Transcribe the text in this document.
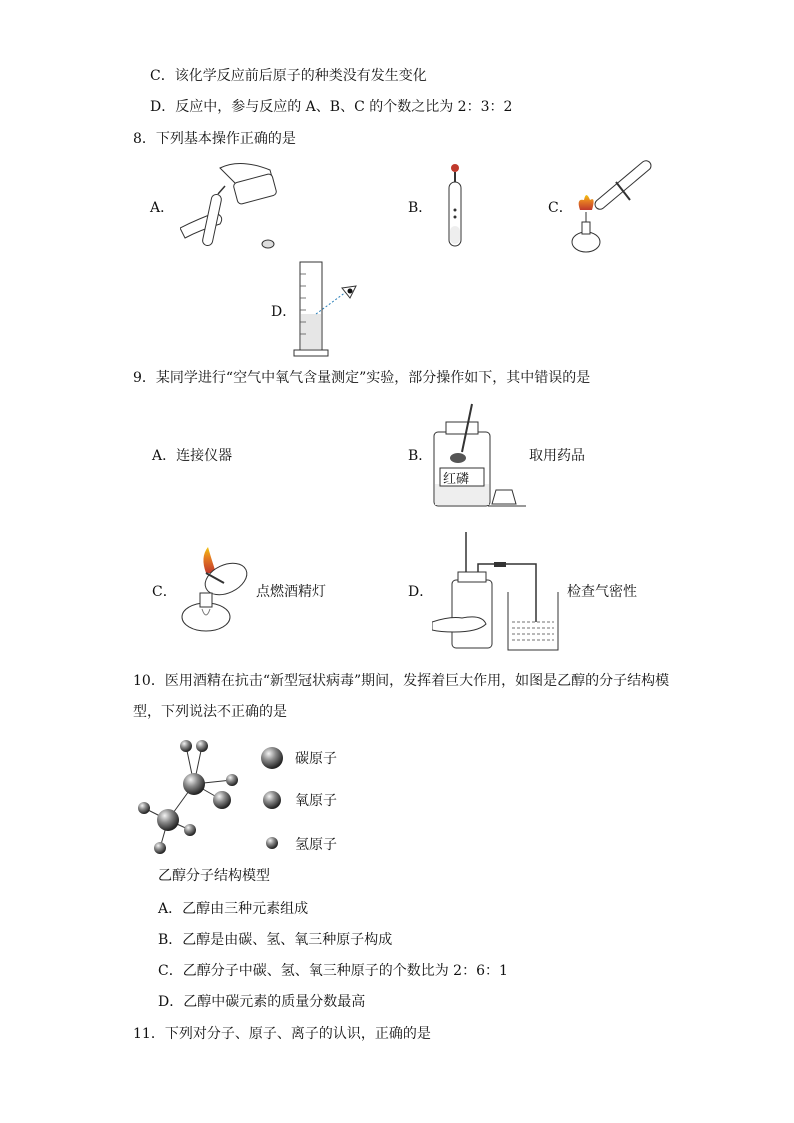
C．该化学反应前后原子的种类没有发生变化
D．反应中，参与反应的 A、B、C 的个数之比为 2：3：2
8．下列基本操作正确的是
A．	B．	C．
D．
9．某同学进行“空气中氧气含量测定”实验，部分操作如下，其中错误的是
A．连接仪器	B．
红磷
取用药品
C．	点燃酒精灯	D．	检查气密性
10．医用酒精在抗击“新型冠状病毒”期间，发挥着巨大作用，如图是乙醇的分子结构模
型，下列说法不正确的是
碳原子
氧原子
氢原子
乙醇分子结构模型
A．乙醇由三种元素组成
B．乙醇是由碳、氢、氧三种原子构成
C．乙醇分子中碳、氢、氧三种原子的个数比为 2：6：1
D．乙醇中碳元素的质量分数最高
11．下列对分子、原子、离子的认识，正确的是
